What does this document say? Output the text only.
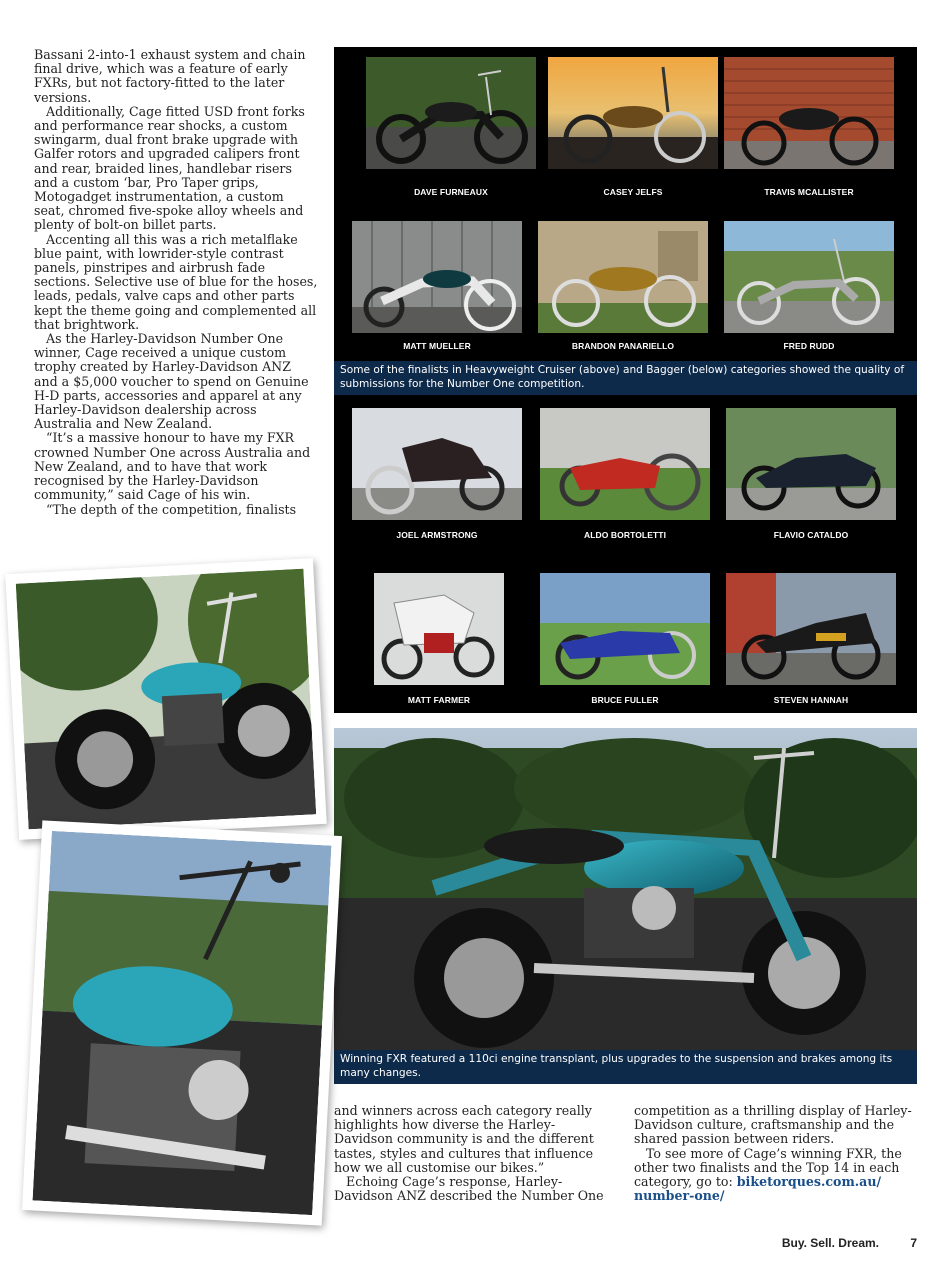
Bassani 2-into-1 exhaust system and chain final drive, which was a feature of early FXRs, but not factory-fitted to the later versions.

Additionally, Cage fitted USD front forks and performance rear shocks, a custom swingarm, dual front brake upgrade with Galfer rotors and upgraded calipers front and rear, braided lines, handlebar risers and a custom ‘bar, Pro Taper grips, Motogadget instrumentation, a custom seat, chromed five-spoke alloy wheels and plenty of bolt-on billet parts.

Accenting all this was a rich metalflake blue paint, with lowrider-style contrast panels, pinstripes and airbrush fade sections. Selective use of blue for the hoses, leads, pedals, valve caps and other parts kept the theme going and complemented all that brightwork.

As the Harley-Davidson Number One winner, Cage received a unique custom trophy created by Harley-Davidson ANZ and a $5,000 voucher to spend on Genuine H-D parts, accessories and apparel at any Harley-Davidson dealership across Australia and New Zealand.

“It’s a massive honour to have my FXR crowned Number One across Australia and New Zealand, and to have that work recognised by the Harley-Davidson community,” said Cage of his win.

“The depth of the competition, finalists

DAVE FURNEAUX	CASEY JELFS	TRAVIS MCALLISTER
MATT MUELLER	BRANDON PANARIELLO	FRED RUDD
Some of the finalists in Heavyweight Cruiser (above) and Bagger (below) categories showed the quality of submissions for the Number One competition.
JOEL ARMSTRONG	ALDO BORTOLETTI	FLAVIO CATALDO
MATT FARMER	BRUCE FULLER	STEVEN HANNAH
Winning FXR featured a 110ci engine transplant, plus upgrades to the suspension and brakes among its many changes.

and winners across each category really highlights how diverse the Harley-Davidson community is and the different tastes, styles and cultures that influence how we all customise our bikes.”

Echoing Cage’s response, Harley-Davidson ANZ described the Number One

competition as a thrilling display of Harley-Davidson culture, craftsmanship and the shared passion between riders.

To see more of Cage’s winning FXR, the other two finalists and the Top 14 in each category, go to: biketorques.com.au/ number-one/

Buy. Sell. Dream.	7
